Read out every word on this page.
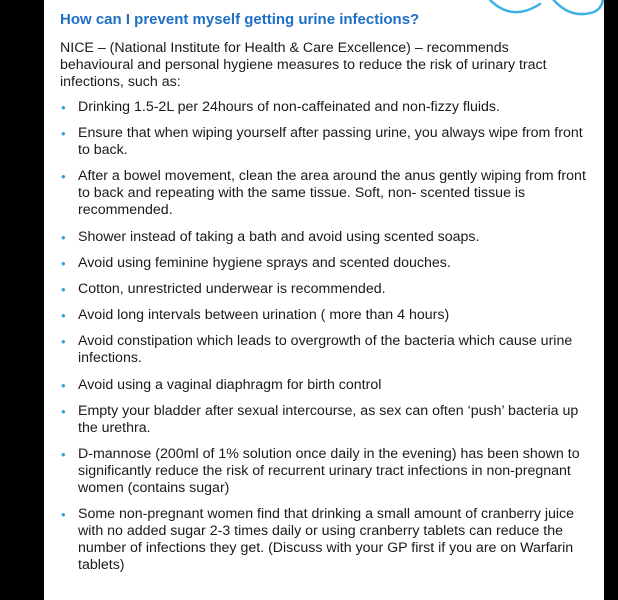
How can I prevent myself getting urine infections?

NICE – (National Institute for Health & Care Excellence) – recommends behavioural and personal hygiene measures to reduce the risk of urinary tract infections, such as:

• Drinking 1.5-2L per 24hours of non-caffeinated and non-fizzy fluids.
• Ensure that when wiping yourself after passing urine, you always wipe from front to back.
• After a bowel movement, clean the area around the anus gently wiping from front to back and repeating with the same tissue. Soft, non- scented tissue is recommended.
• Shower instead of taking a bath and avoid using scented soaps.
• Avoid using feminine hygiene sprays and scented douches.
• Cotton, unrestricted underwear is recommended.
• Avoid long intervals between urination ( more than 4 hours)
• Avoid constipation which leads to overgrowth of the bacteria which cause urine infections.
• Avoid using a vaginal diaphragm for birth control
• Empty your bladder after sexual intercourse, as sex can often ‘push’ bacteria up the urethra.
• D-mannose (200ml of 1% solution once daily in the evening) has been shown to significantly reduce the risk of recurrent urinary tract infections in non-pregnant women (contains sugar)
• Some non-pregnant women find that drinking a small amount of cranberry juice with no added sugar 2-3 times daily or using cranberry tablets can reduce the number of infections they get. (Discuss with your GP first if you are on Warfarin tablets)
